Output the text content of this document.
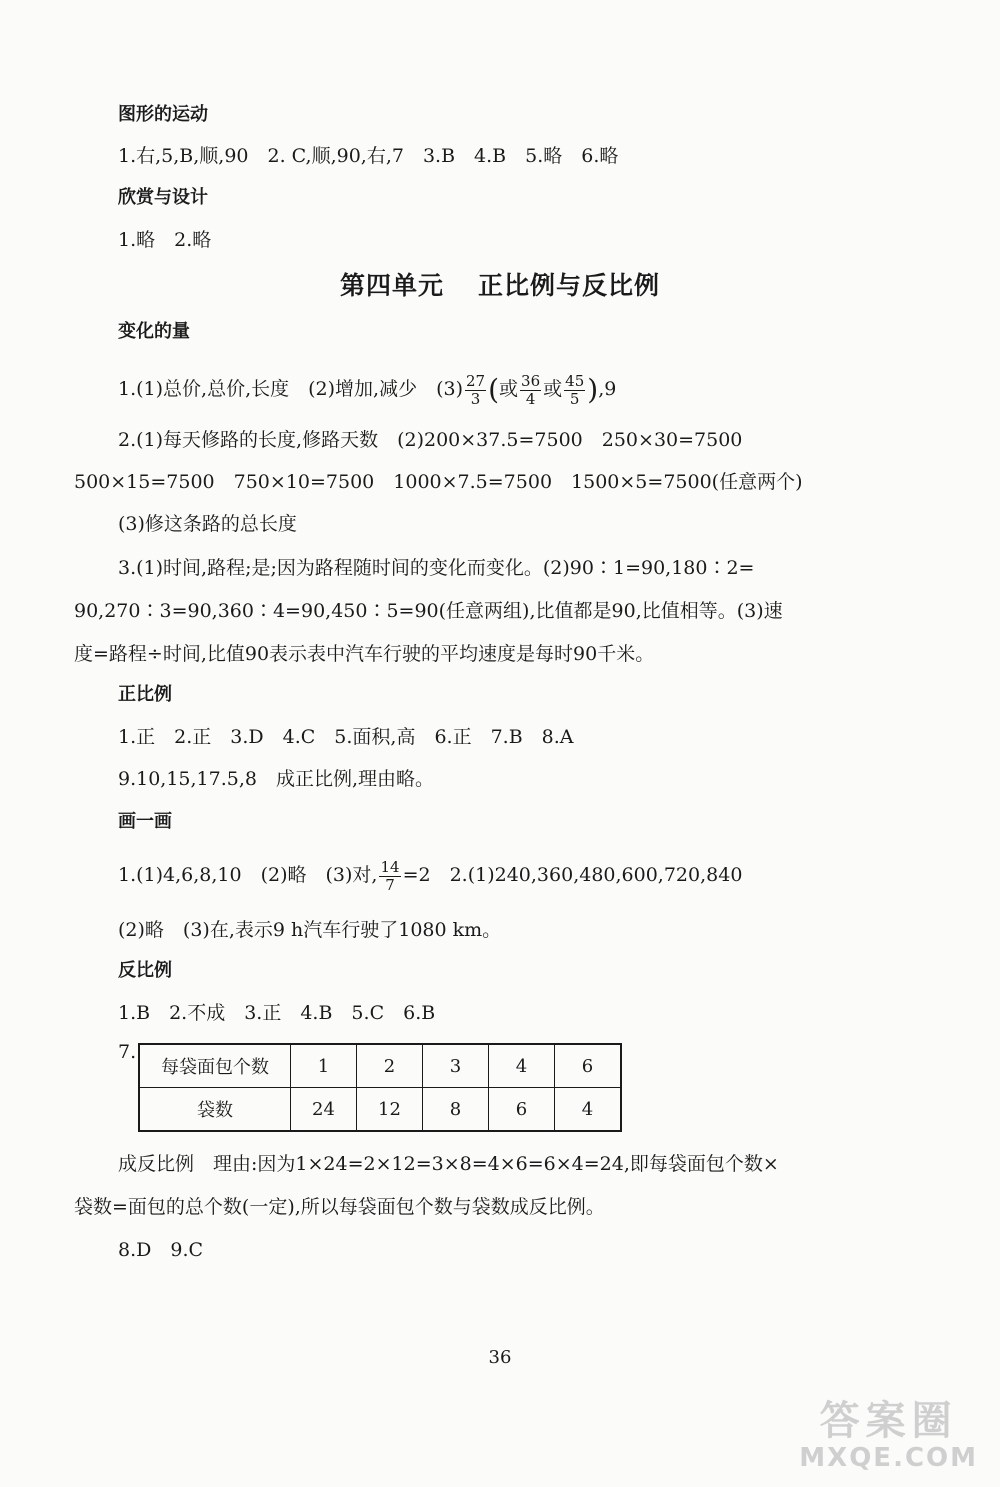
图形的运动
1.右,5,B,顺,90　2. C,顺,90,右,7　3.B　4.B　5.略　6.略
欣赏与设计
1.略　2.略
第四单元 正比例与反比例
变化的量
1.(1)总价,总价,长度　(2)增加,减少　$(3) \frac{27}{3}$ (或 $\frac{36}{4}$ 或 $\frac{45}{5} ),9$
2.(1)每天修路的长度,修路天数　(2)200×37.5=7500　250×30=7500
500×15=7500　750×10=7500　1000×7.5=7500　1500×5=7500(任意两个)
(3)修这条路的总长度
3.(1)时间,路程;是;因为路程随时间的变化而变化。(2)90∶1=90,180∶2=
90,270∶3=90,360∶4=90,450∶5=90(任意两组),比值都是90,比值相等。(3)速
度=路程÷时间,比值90表示表中汽车行驶的平均速度是每时90千米。
正比例
1.正　2.正　3.D　4.C　5.面积,高　6.正　7.B　8.A
9.10,15,17.5,8　成正比例,理由略。
画一画
1.(1)4,6,8,10　(2)略　(3)对, $\frac{14}{7} =2$　2.(1)240,360,480,600,720,840
(2)略　(3)在,表示9 h汽车行驶了1080 km。
反比例
1.B　2.不成　3.正　4.B　5.C　6.B
7.
每袋面包个数	1	2	3	4	6
袋数	24	12	8	6	4
成反比例　理由:因为1×24=2×12=3×8=4×6=6×4=24,即每袋面包个数×
袋数=面包的总个数(一定),所以每袋面包个数与袋数成反比例。
8.D　9.C
36
答案圈
MXQE.COM
